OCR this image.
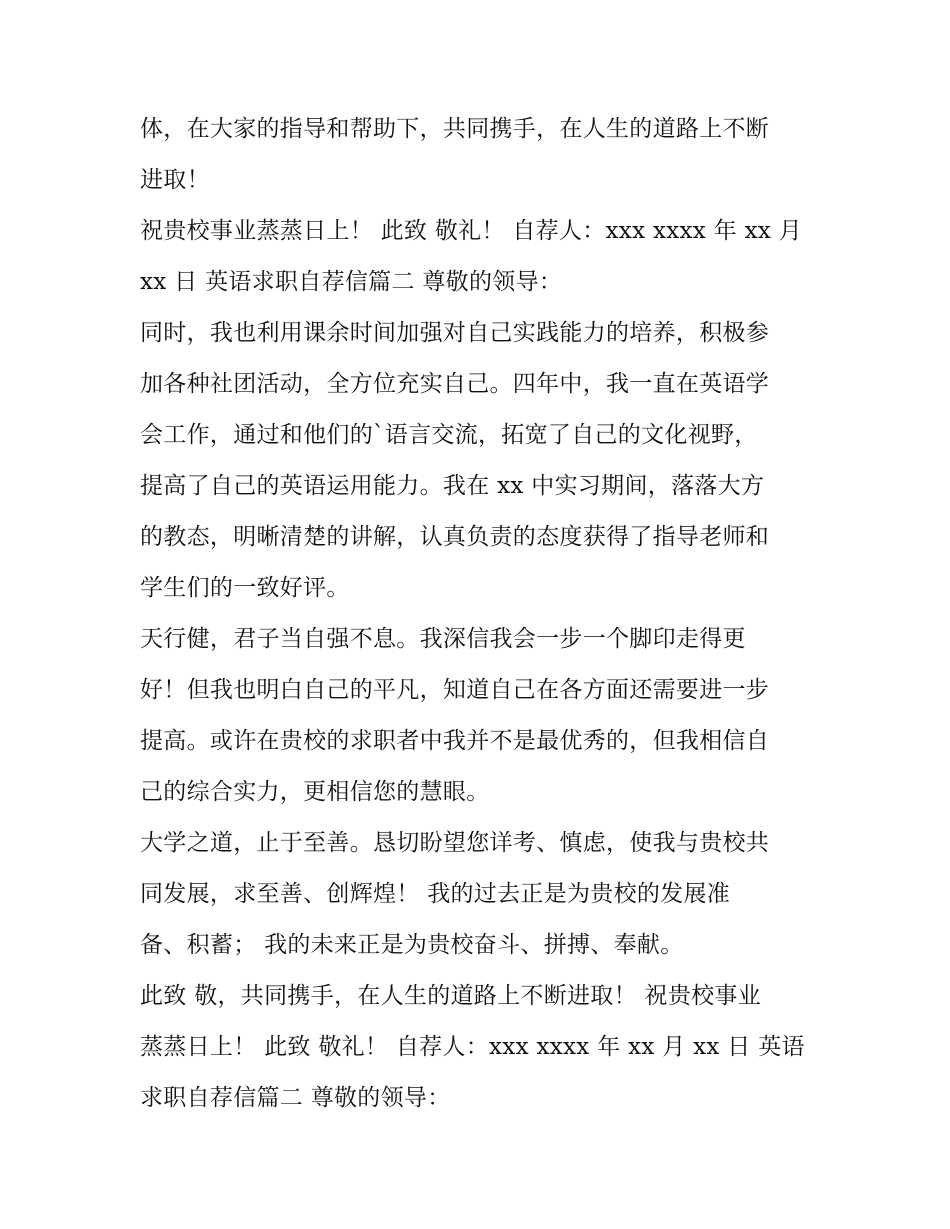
体，在大家的指导和帮助下，共同携手，在人生的道路上不断
进取！
祝贵校事业蒸蒸日上！ 此致 敬礼！ 自荐人：xxx xxxx 年 xx 月
xx 日 英语求职自荐信篇二 尊敬的领导：
同时，我也利用课余时间加强对自己实践能力的培养，积极参
加各种社团活动，全方位充实自己。四年中，我一直在英语学
会工作，通过和他们的`语言交流，拓宽了自己的文化视野，
提高了自己的英语运用能力。我在 xx 中实习期间，落落大方
的教态，明晰清楚的讲解，认真负责的态度获得了指导老师和
学生们的一致好评。
天行健，君子当自强不息。我深信我会一步一个脚印走得更
好！但我也明白自己的平凡，知道自己在各方面还需要进一步
提高。或许在贵校的求职者中我并不是最优秀的，但我相信自
己的综合实力，更相信您的慧眼。
大学之道，止于至善。恳切盼望您详考、慎虑，使我与贵校共
同发展，求至善、创辉煌！ 我的过去正是为贵校的发展准
备、积蓄； 我的未来正是为贵校奋斗、拼搏、奉献。
此致 敬，共同携手，在人生的道路上不断进取！ 祝贵校事业
蒸蒸日上！ 此致 敬礼！ 自荐人：xxx xxxx 年 xx 月 xx 日 英语
求职自荐信篇二 尊敬的领导：
